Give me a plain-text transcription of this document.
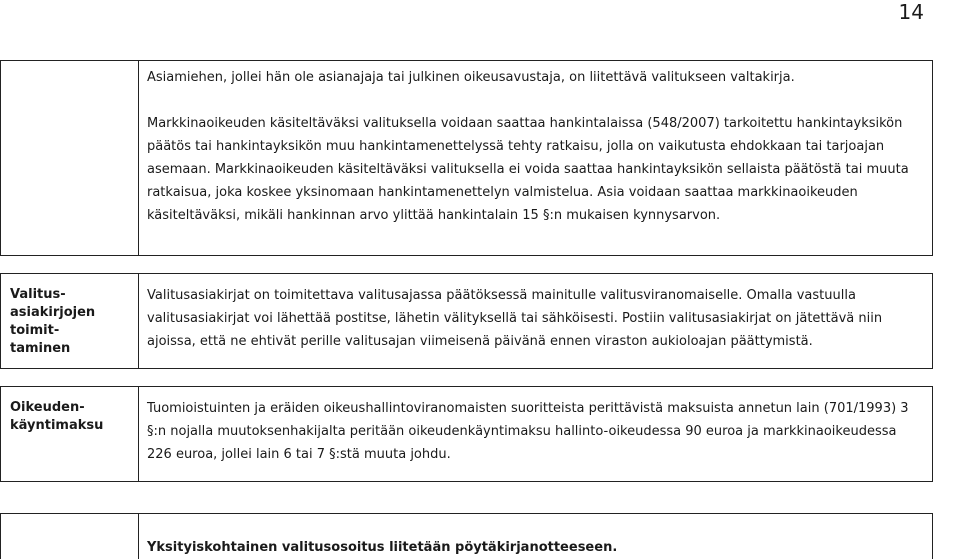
14

Asiamiehen, jollei hän ole asianajaja tai julkinen oikeusavustaja, on liitettävä valitukseen valtakirja.

Markkinaoikeuden käsiteltäväksi valituksella voidaan saattaa hankintalaissa (548/2007) tarkoitettu hankintayksikön päätös tai hankintayksikön muu hankintamenettelyssä tehty ratkaisu, jolla on vaikutusta ehdokkaan tai tarjoajan asemaan. Markkinaoikeuden käsiteltäväksi valituksella ei voida saattaa hankintayksikön sellaista päätöstä tai muuta ratkaisua, joka koskee yksinomaan hankintamenettelyn valmistelua. Asia voidaan saattaa markkinaoikeuden käsiteltäväksi, mikäli hankinnan arvo ylittää hankintalain 15 §:n mukaisen kynnysarvon.

Valitus-
asiakirjojen toimit-
taminen

Valitusasiakirjat on toimitettava valitusajassa päätöksessä mainitulle valitusviranomaiselle. Omalla vastuulla valitusasiakirjat voi lähettää postitse, lähetin välityksellä tai sähköisesti. Postiin valitusasiakirjat on jätettävä niin ajoissa, että ne ehtivät perille valitusajan viimeisenä päivänä ennen viraston aukioloajan päättymistä.

Oikeuden-
käyntimaksu

Tuomioistuinten ja eräiden oikeushallintoviranomaisten suoritteista perittävistä maksuista annetun lain (701/1993) 3 §:n nojalla muutoksenhakijalta peritään oikeudenkäyntimaksu hallinto-oikeudessa 90 euroa ja markkinaoikeudessa 226 euroa, jollei lain 6 tai 7 §:stä muuta johdu.

Yksityiskohtainen valitusosoitus liitetään pöytäkirjanotteeseen.
